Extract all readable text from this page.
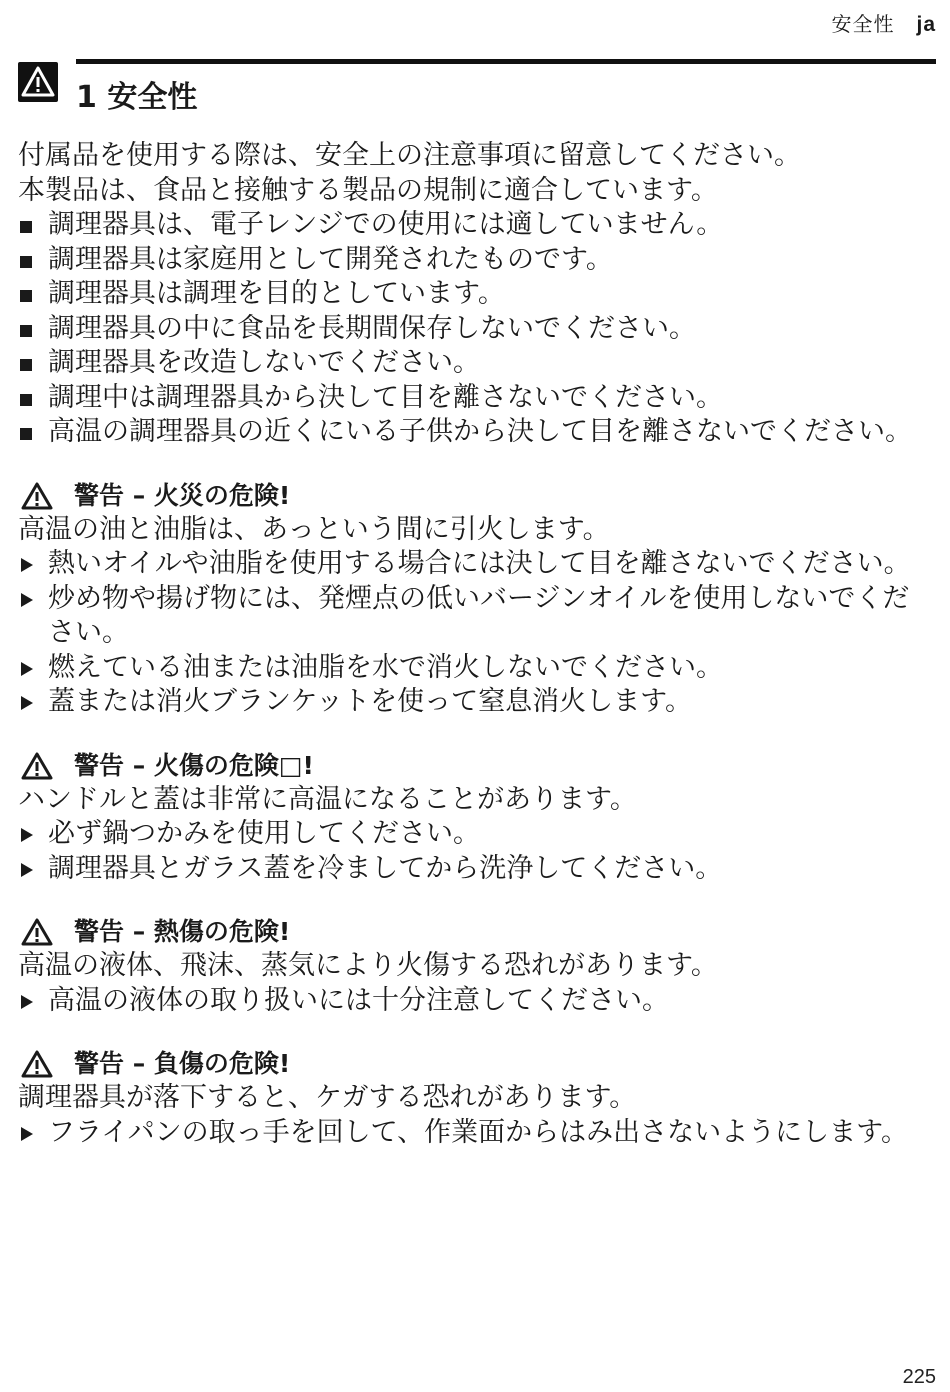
安全性 ja
1 安全性

付属品を使用する際は、安全上の注意事項に留意してください。

本製品は、食品と接触する製品の規制に適合しています。

調理器具は、電子レンジでの使用には適していません。
調理器具は家庭用として開発されたものです。
調理器具は調理を目的としています。
調理器具の中に食品を長期間保存しないでください。
調理器具を改造しないでください。
調理中は調理器具から決して目を離さないでください。
高温の調理器具の近くにいる子供から決して目を離さないでください。
警告 – 火災の危険!

高温の油と油脂は、あっという間に引火します。

熱いオイルや油脂を使用する場合には決して目を離さないでください。
炒め物や揚げ物には、発煙点の低いバージンオイルを使用しないでください。
燃えている油または油脂を水で消火しないでください。
蓋または消火ブランケットを使って窒息消火します。
警告 – 火傷の危険□!

ハンドルと蓋は非常に高温になることがあります。

必ず鍋つかみを使用してください。
調理器具とガラス蓋を冷ましてから洗浄してください。
警告 – 熱傷の危険!

高温の液体、飛沫、蒸気により火傷する恐れがあります。

高温の液体の取り扱いには十分注意してください。
警告 – 負傷の危険!

調理器具が落下すると、ケガする恐れがあります。

フライパンの取っ手を回して、作業面からはみ出さないようにします。
225
